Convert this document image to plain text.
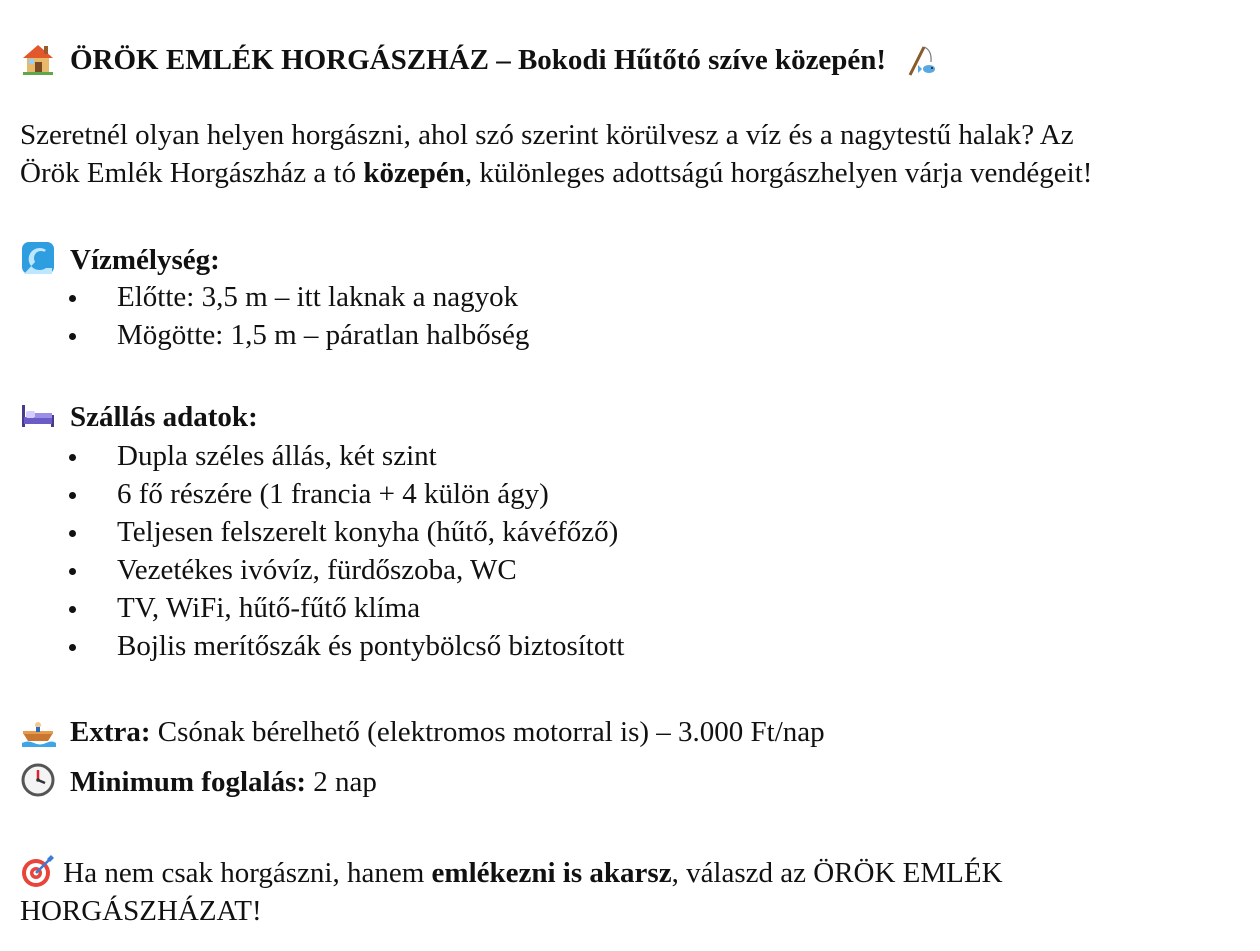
ÖRÖK EMLÉK HORGÁSZHÁZ – Bokodi Hűtőtó szíve közepén!
Szeretnél olyan helyen horgászni, ahol szó szerint körülvesz a víz és a nagytestű halak? Az
Örök Emlék Horgászház a tó közepén, különleges adottságú horgászhelyen várja vendégeit!
Vízmélység:
Előtte: 3,5 m – itt laknak a nagyok
Mögötte: 1,5 m – páratlan halbőség
Szállás adatok:
Dupla széles állás, két szint
6 fő részére (1 francia + 4 külön ágy)
Teljesen felszerelt konyha (hűtő, kávéfőző)
Vezetékes ivóvíz, fürdőszoba, WC
TV, WiFi, hűtő-fűtő klíma
Bojlis merítőszák és pontybölcső biztosított
Extra: Csónak bérelhető (elektromos motorral is) – 3.000 Ft/nap
Minimum foglalás: 2 nap
Ha nem csak horgászni, hanem emlékezni is akarsz, válaszd az ÖRÖK EMLÉK
HORGÁSZHÁZAT!
